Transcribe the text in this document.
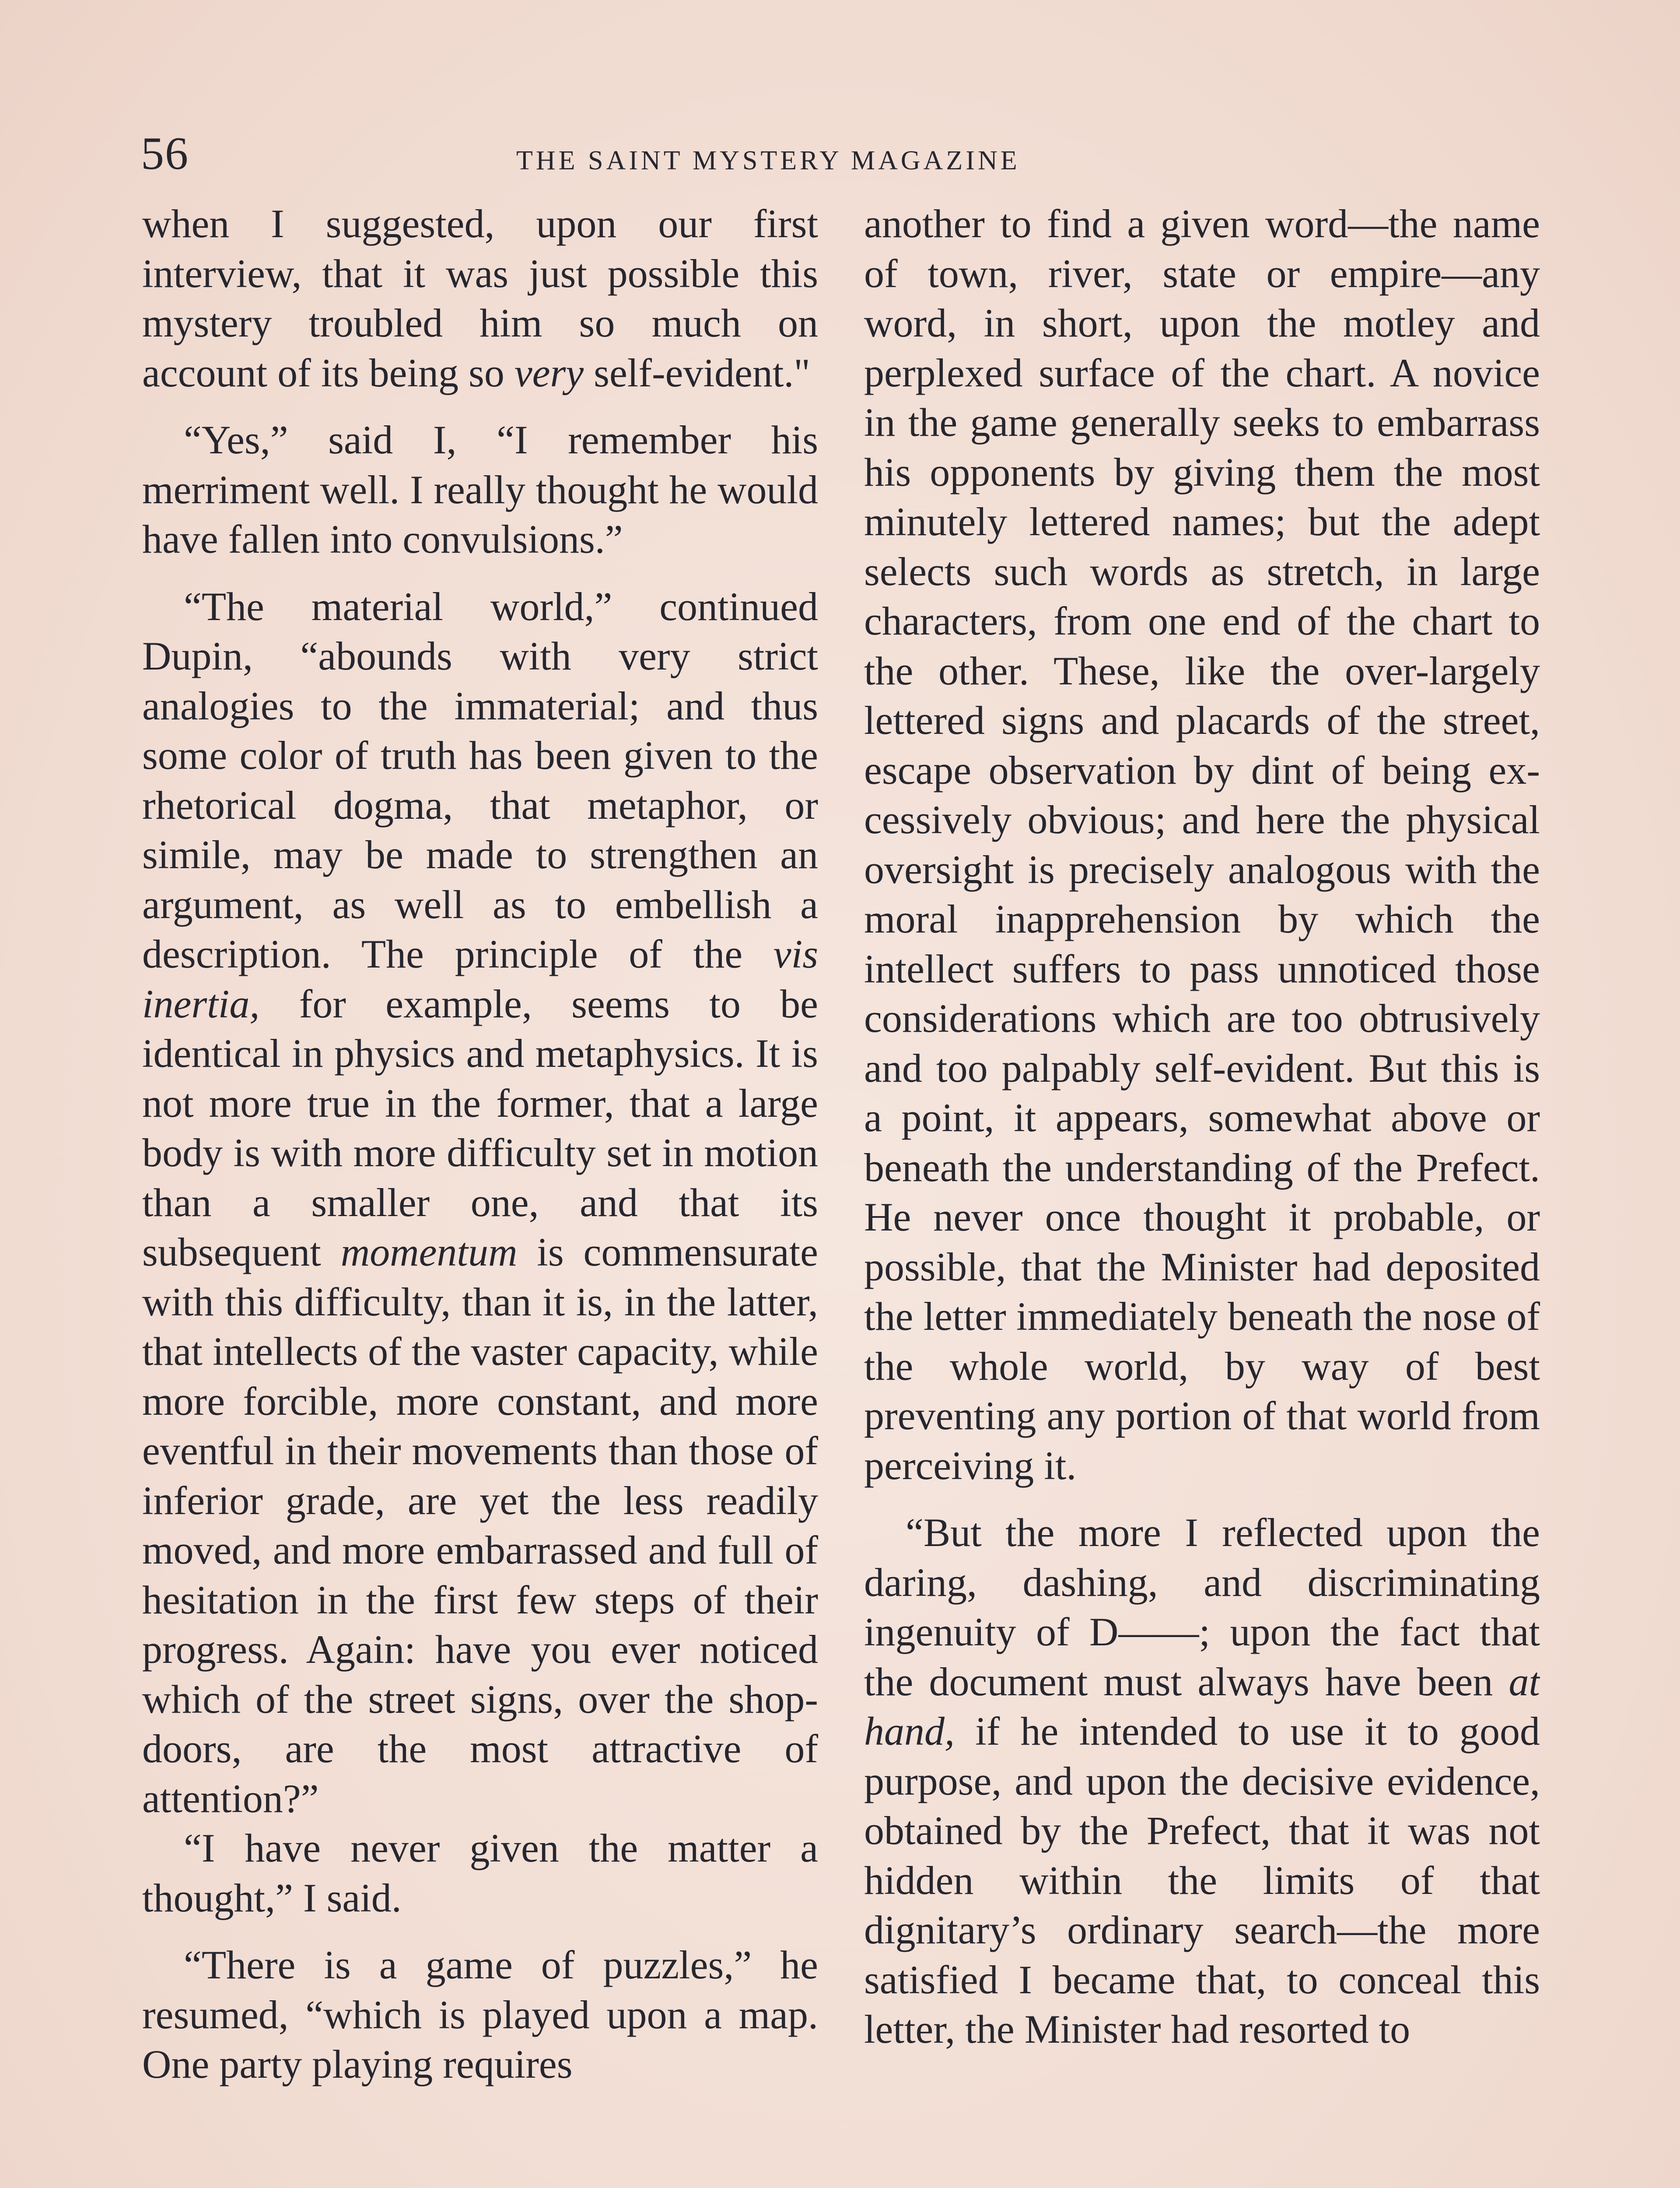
56	THE SAINT MYSTERY MAGAZINE

when I suggested, upon our first interview, that it was just possible this mystery troubled him so much on account of its being so very self-evident."

“Yes,” said I, “I remember his merriment well. I really thought he would have fallen into convulsions.”

“The material world,” continued Dupin, “abounds with very strict analogies to the immaterial; and thus some color of truth has been given to the rhetorical dogma, that metaphor, or simile, may be made to strengthen an argument, as well as to embellish a description. The principle of the vis inertia, for example, seems to be identical in physics and metaphysics. It is not more true in the former, that a large body is with more difficulty set in motion than a smaller one, and that its subsequent momentum is commensurate with this difficulty, than it is, in the latter, that intellects of the vaster capacity, while more forcible, more constant, and more eventful in their movements than those of inferior grade, are yet the less readily moved, and more embarrassed and full of hesitation in the first few steps of their progress. Again: have you ever noticed which of the street signs, over the shop-doors, are the most attractive of attention?”

“I have never given the matter a thought,” I said.

“There is a game of puzzles,” he resumed, “which is played upon a map. One party playing requires

another to find a given word—the name of town, river, state or empire—any word, in short, upon the motley and perplexed surface of the chart. A novice in the game generally seeks to embarrass his opponents by giving them the most minutely lettered names; but the adept selects such words as stretch, in large characters, from one end of the chart to the other. These, like the over-largely lettered signs and placards of the street, escape observation by dint of being excessively obvious; and here the physical oversight is precisely analogous with the moral inapprehension by which the intellect suffers to pass unnoticed those considerations which are too obtrusively and too palpably self-evident. But this is a point, it appears, somewhat above or beneath the understanding of the Prefect. He never once thought it probable, or possible, that the Minister had deposited the letter immediately beneath the nose of the whole world, by way of best preventing any portion of that world from perceiving it.

“But the more I reflected upon the daring, dashing, and discriminating ingenuity of D——; upon the fact that the document must always have been at hand, if he intended to use it to good purpose, and upon the decisive evidence, obtained by the Prefect, that it was not hidden within the limits of that dignitary’s ordinary search—the more satisfied I became that, to conceal this letter, the Minister had resorted to
